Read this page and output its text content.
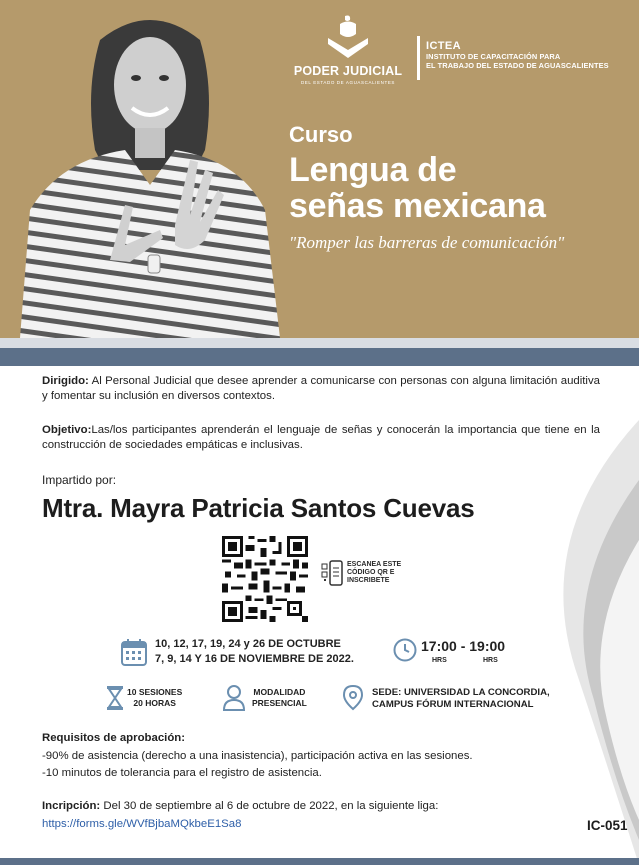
PODER JUDICIAL
DEL ESTADO DE AGUASCALIENTES
ICTEA
INSTITUTO DE CAPACITACIÓN PARA
EL TRABAJO DEL ESTADO DE AGUASCALIENTES
Curso
Lengua de
señas mexicana
"Romper las barreras de comunicación"
Dirigido: Al Personal Judicial que desee aprender a comunicarse con personas con alguna limitación auditiva y fomentar su inclusión en diversos contextos.
Objetivo:Las/los participantes aprenderán el lenguaje de señas y conocerán la importancia que tiene en la construcción de sociedades empáticas e inclusivas.
Impartido por:
Mtra. Mayra Patricia Santos Cuevas
ESCANEA ESTE
CÓDIGO QR E
INSCRIBETE
10, 12, 17, 19, 24 y 26 DE OCTUBRE
7, 9, 14 Y 16 DE NOVIEMBRE DE 2022.
17:00 - 19:00
HRS	HRS
10 SESIONES
20 HORAS
MODALIDAD
PRESENCIAL
SEDE: UNIVERSIDAD LA CONCORDIA,
CAMPUS FÓRUM INTERNACIONAL
Requisitos de aprobación:
-90% de asistencia (derecho a una inasistencia), participación activa en las sesiones.
-10 minutos de tolerancia para el registro de asistencia.
Incripción: Del 30 de septiembre al 6 de octubre de 2022, en la siguiente liga:
https://forms.gle/WVfBjbaMQkbeE1Sa8	IC-051
